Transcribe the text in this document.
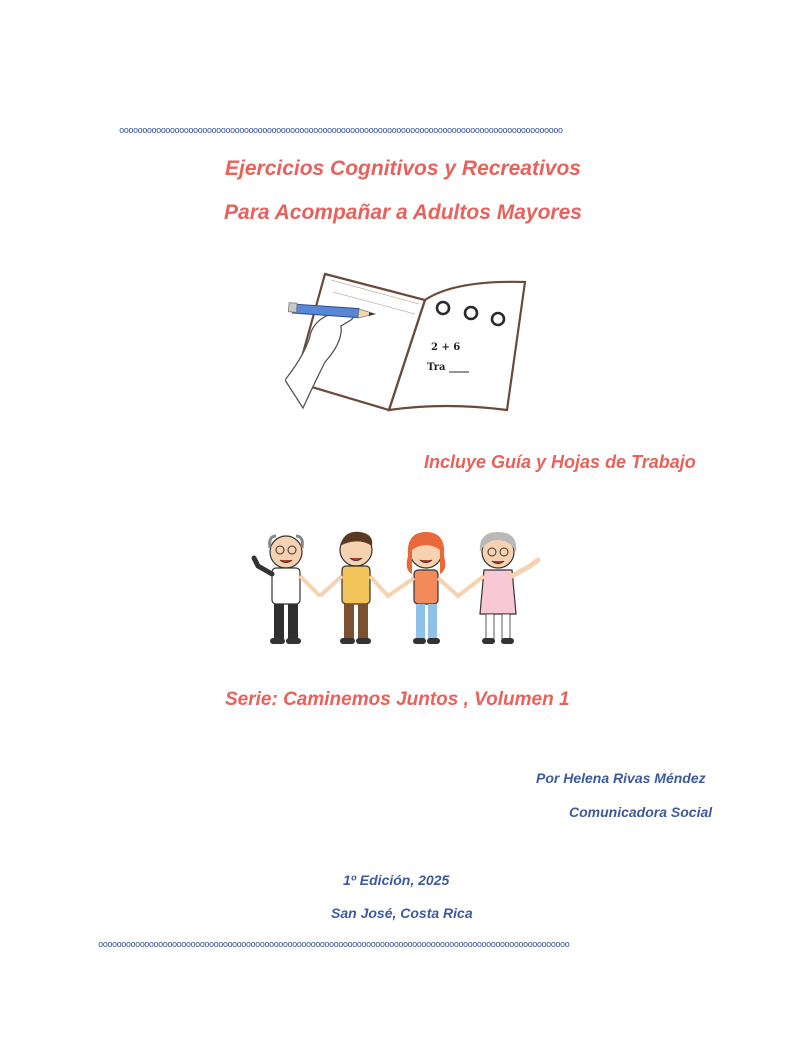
oooooooooooooooooooooooooooooooooooooooooooooooooooooooooooooooooooooooooooooooooooooooooooooooo
Ejercicios Cognitivos y Recreativos
Para Acompañar a Adultos Mayores
2 + 6
Tra ____
Incluye Guía y Hojas de Trabajo
Serie: Caminemos Juntos , Volumen 1
Por Helena Rivas Méndez
Comunicadora Social
1º Edición, 2025
San José, Costa Rica
oooooooooooooooooooooooooooooooooooooooooooooooooooooooooooooooooooooooooooooooooooooooooooooooooooooo
